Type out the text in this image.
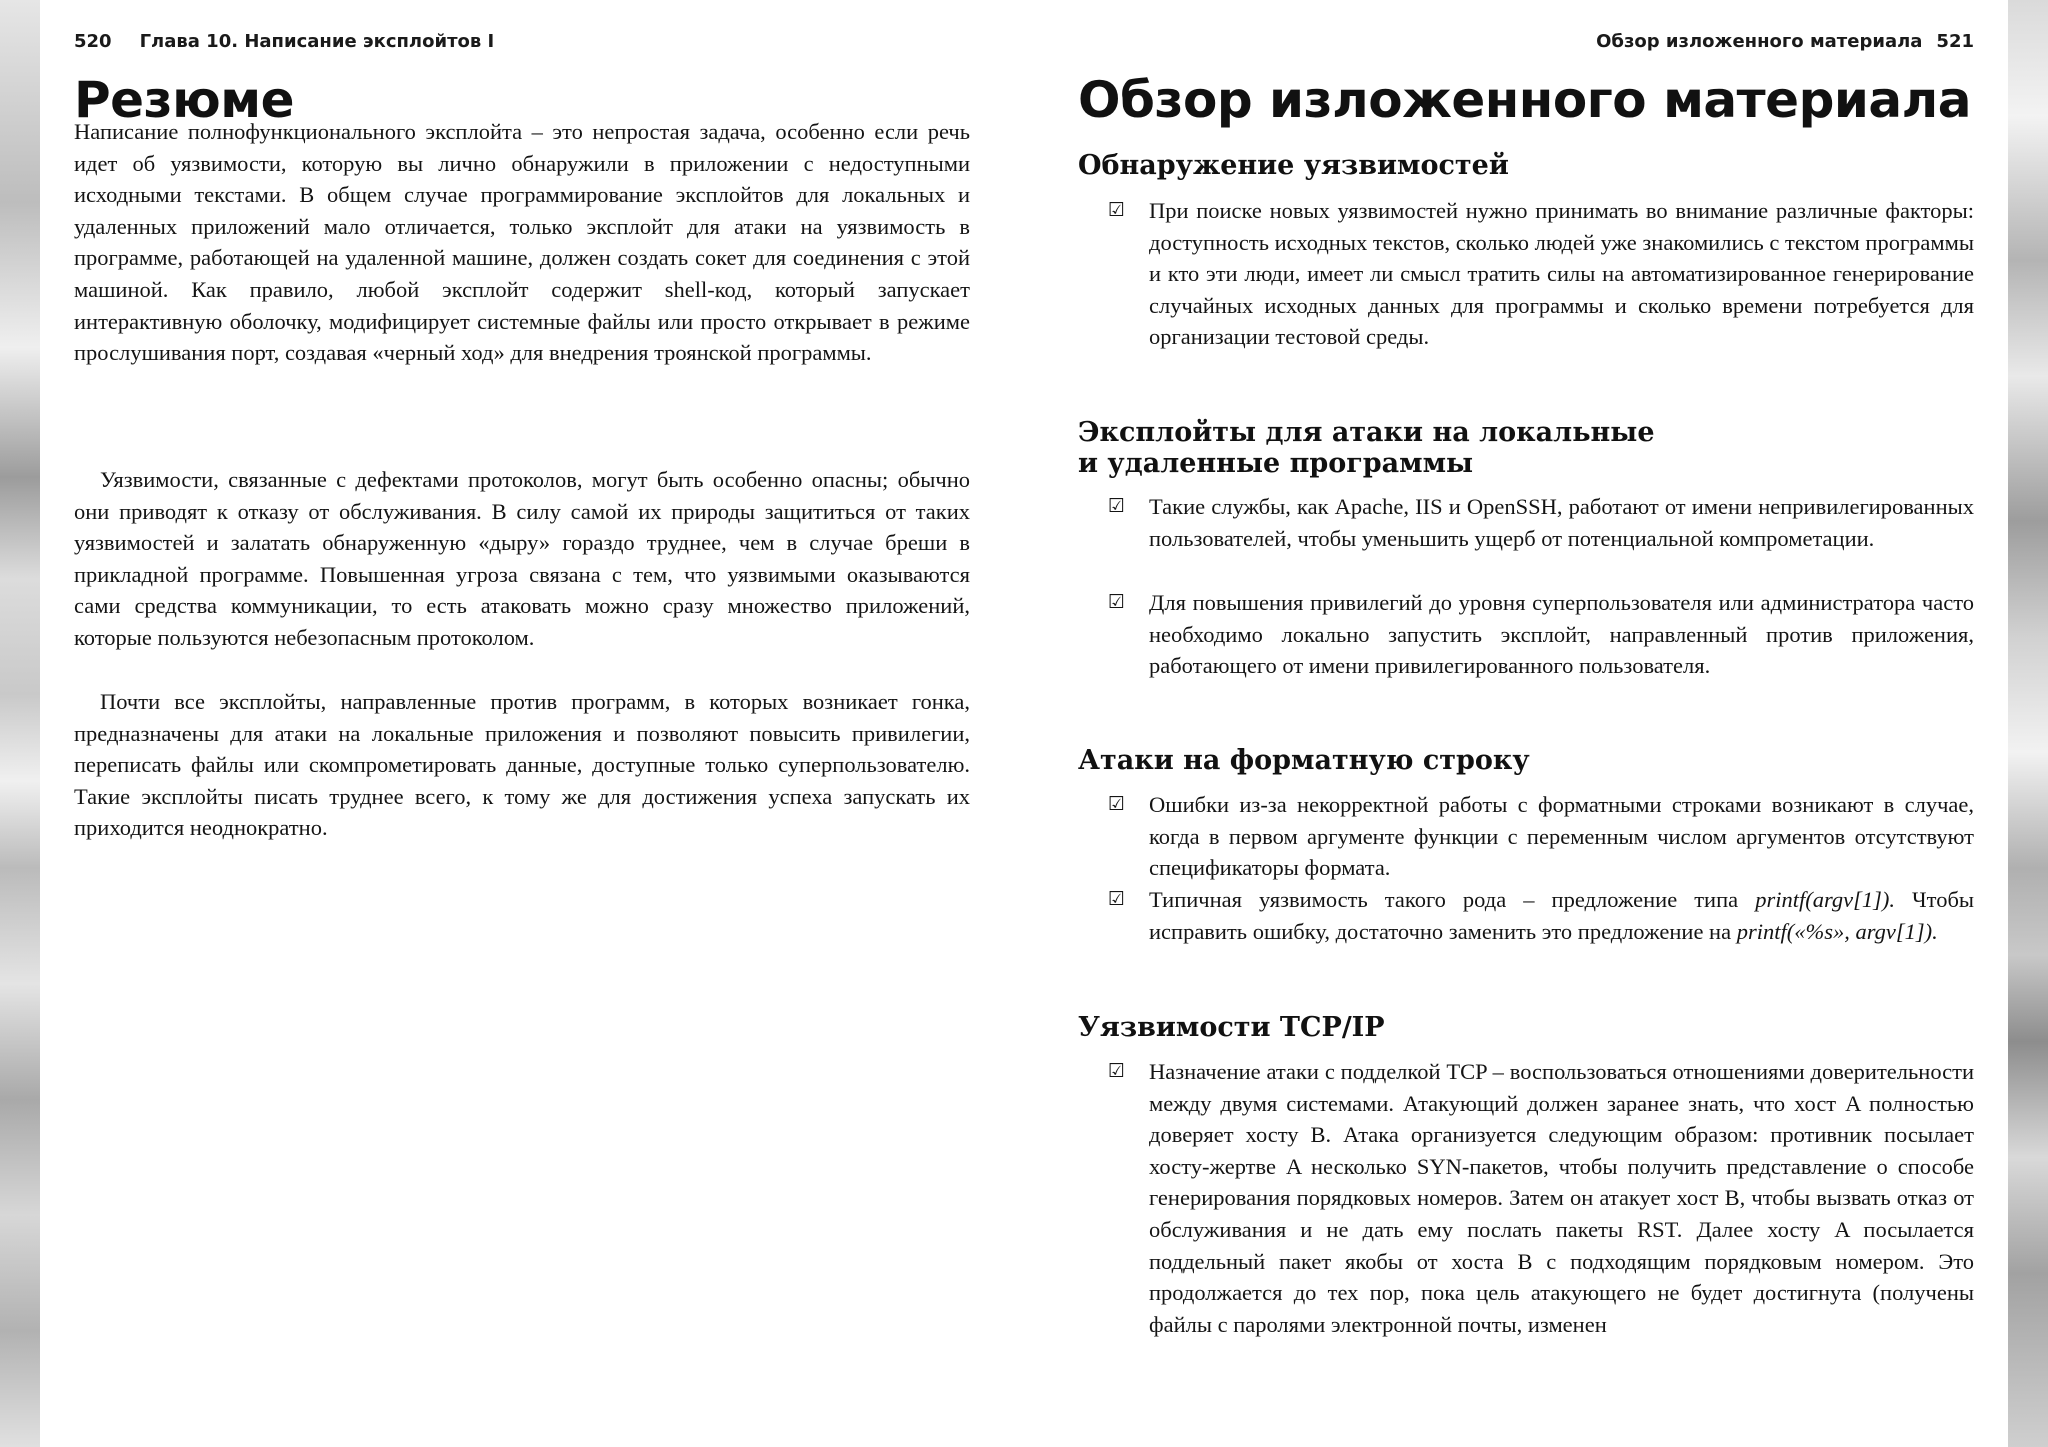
520 Глава 10. Написание эксплойтов I
Резюме

Написание полнофункционального эксплойта – это непростая задача, особенно если речь идет об уязвимости, которую вы лично обнаружили в приложении с недоступными исходными текстами. В общем случае программирование эксплойтов для локальных и удаленных приложений мало отличается, только эксплойт для атаки на уязвимость в программе, работающей на удаленной машине, должен создать сокет для соединения с этой машиной. Как правило, любой эксплойт содержит shell-код, который запускает интерактивную оболочку, модифицирует системные файлы или просто открывает в режиме прослушивания порт, создавая «черный ход» для внедрения троянской программы.

Уязвимости, связанные с дефектами протоколов, могут быть особенно опасны; обычно они приводят к отказу от обслуживания. В силу самой их природы защититься от таких уязвимостей и залатать обнаруженную «дыру» гораздо труднее, чем в случае бреши в прикладной программе. Повышенная угроза связана с тем, что уязвимыми оказываются сами средства коммуникации, то есть атаковать можно сразу множество приложений, которые пользуются небезопасным протоколом.

Почти все эксплойты, направленные против программ, в которых возникает гонка, предназначены для атаки на локальные приложения и позволяют повысить привилегии, переписать файлы или скомпрометировать данные, доступные только суперпользователю. Такие эксплойты писать труднее всего, к тому же для достижения успеха запускать их приходится неоднократно.

Обзор изложенного материала 521
Обзор изложенного материала
Обнаружение уязвимостей
☑ При поиске новых уязвимостей нужно принимать во внимание различные факторы: доступность исходных текстов, сколько людей уже знакомились с текстом программы и кто эти люди, имеет ли смысл тратить силы на автоматизированное генерирование случайных исходных данных для программы и сколько времени потребуется для организации тестовой среды.
Эксплойты для атаки на локальные
и удаленные программы
☑ Такие службы, как Apache, IIS и OpenSSH, работают от имени непривилегированных пользователей, чтобы уменьшить ущерб от потенциальной компрометации.
☑ Для повышения привилегий до уровня суперпользователя или администратора часто необходимо локально запустить эксплойт, направленный против приложения, работающего от имени привилегированного пользователя.
Атаки на форматную строку
☑ Ошибки из-за некорректной работы с форматными строками возникают в случае, когда в первом аргументе функции с переменным числом аргументов отсутствуют спецификаторы формата.
☑ Типичная уязвимость такого рода – предложение типа printf(argv[1]). Чтобы исправить ошибку, достаточно заменить это предложение на printf(«%s», argv[1]).
Уязвимости TCP/IP
☑ Назначение атаки с подделкой TCP – воспользоваться отношениями доверительности между двумя системами. Атакующий должен заранее знать, что хост A полностью доверяет хосту B. Атака организуется следующим образом: противник посылает хосту-жертве A несколько SYN-пакетов, чтобы получить представление о способе генерирования порядковых номеров. Затем он атакует хост B, чтобы вызвать отказ от обслуживания и не дать ему послать пакеты RST. Далее хосту A посылается поддельный пакет якобы от хоста B с подходящим порядковым номером. Это продолжается до тех пор, пока цель атакующего не будет достигнута (получены файлы с паролями электронной почты, изменен
